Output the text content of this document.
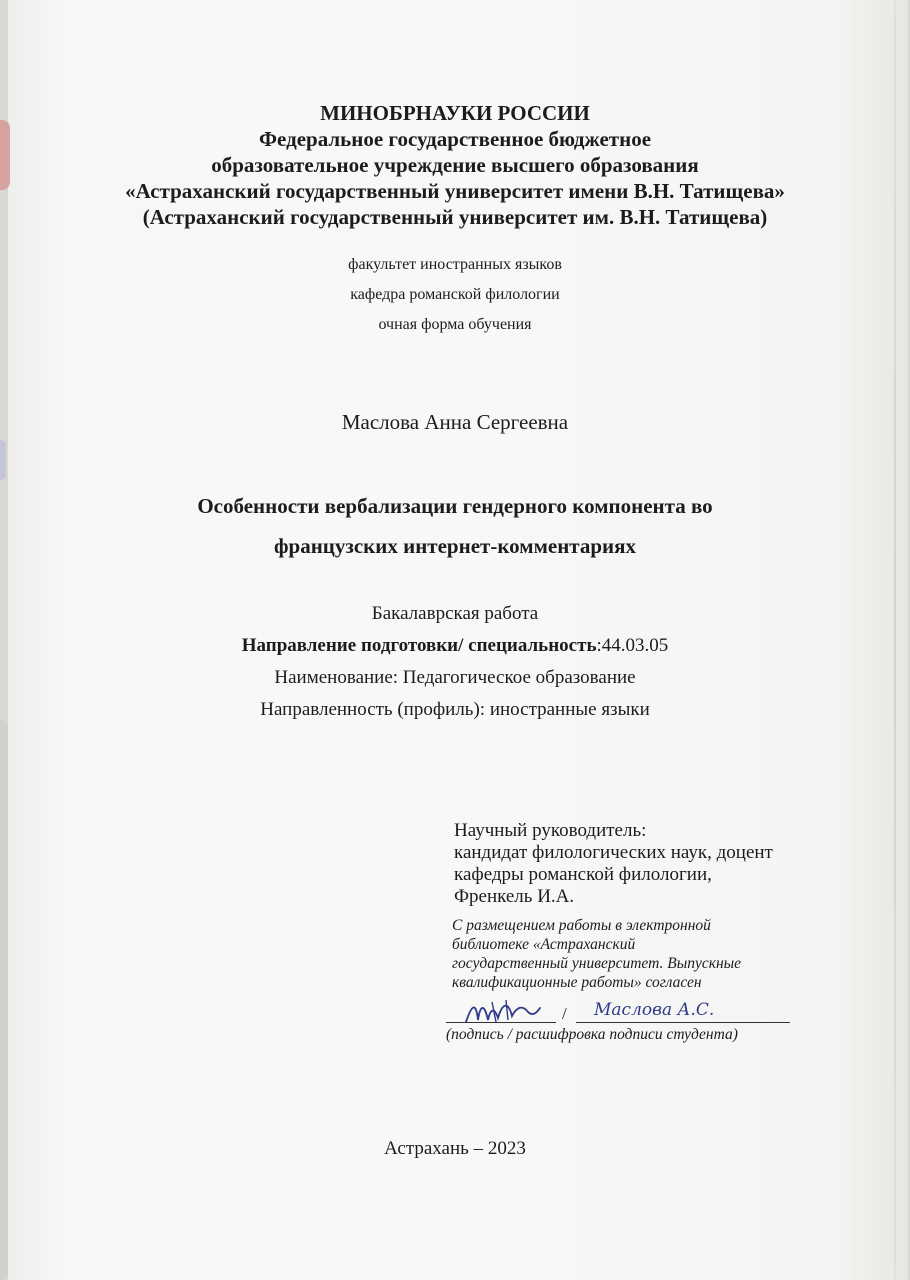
МИНОБРНАУКИ РОССИИ
Федеральное государственное бюджетное
образовательное учреждение высшего образования
«Астраханский государственный университет имени В.Н. Татищева»
(Астраханский государственный университет им. В.Н. Татищева)
факультет иностранных языков
кафедра романской филологии
очная форма обучения
Маслова Анна Сергеевна
Особенности вербализации гендерного компонента во
французских интернет-комментариях
Бакалаврская работа
Направление подготовки/ специальность:44.03.05
Наименование: Педагогическое образование
Направленность (профиль): иностранные языки
Научный руководитель:
кандидат филологических наук, доцент
кафедры романской филологии,
Френкель И.А.
С размещением работы в электронной
библиотеке «Астраханский
государственный университет. Выпускные
квалификационные работы» согласен
/ Маслова А.С.
(подпись / расшифровка подписи студента)
Астрахань – 2023
